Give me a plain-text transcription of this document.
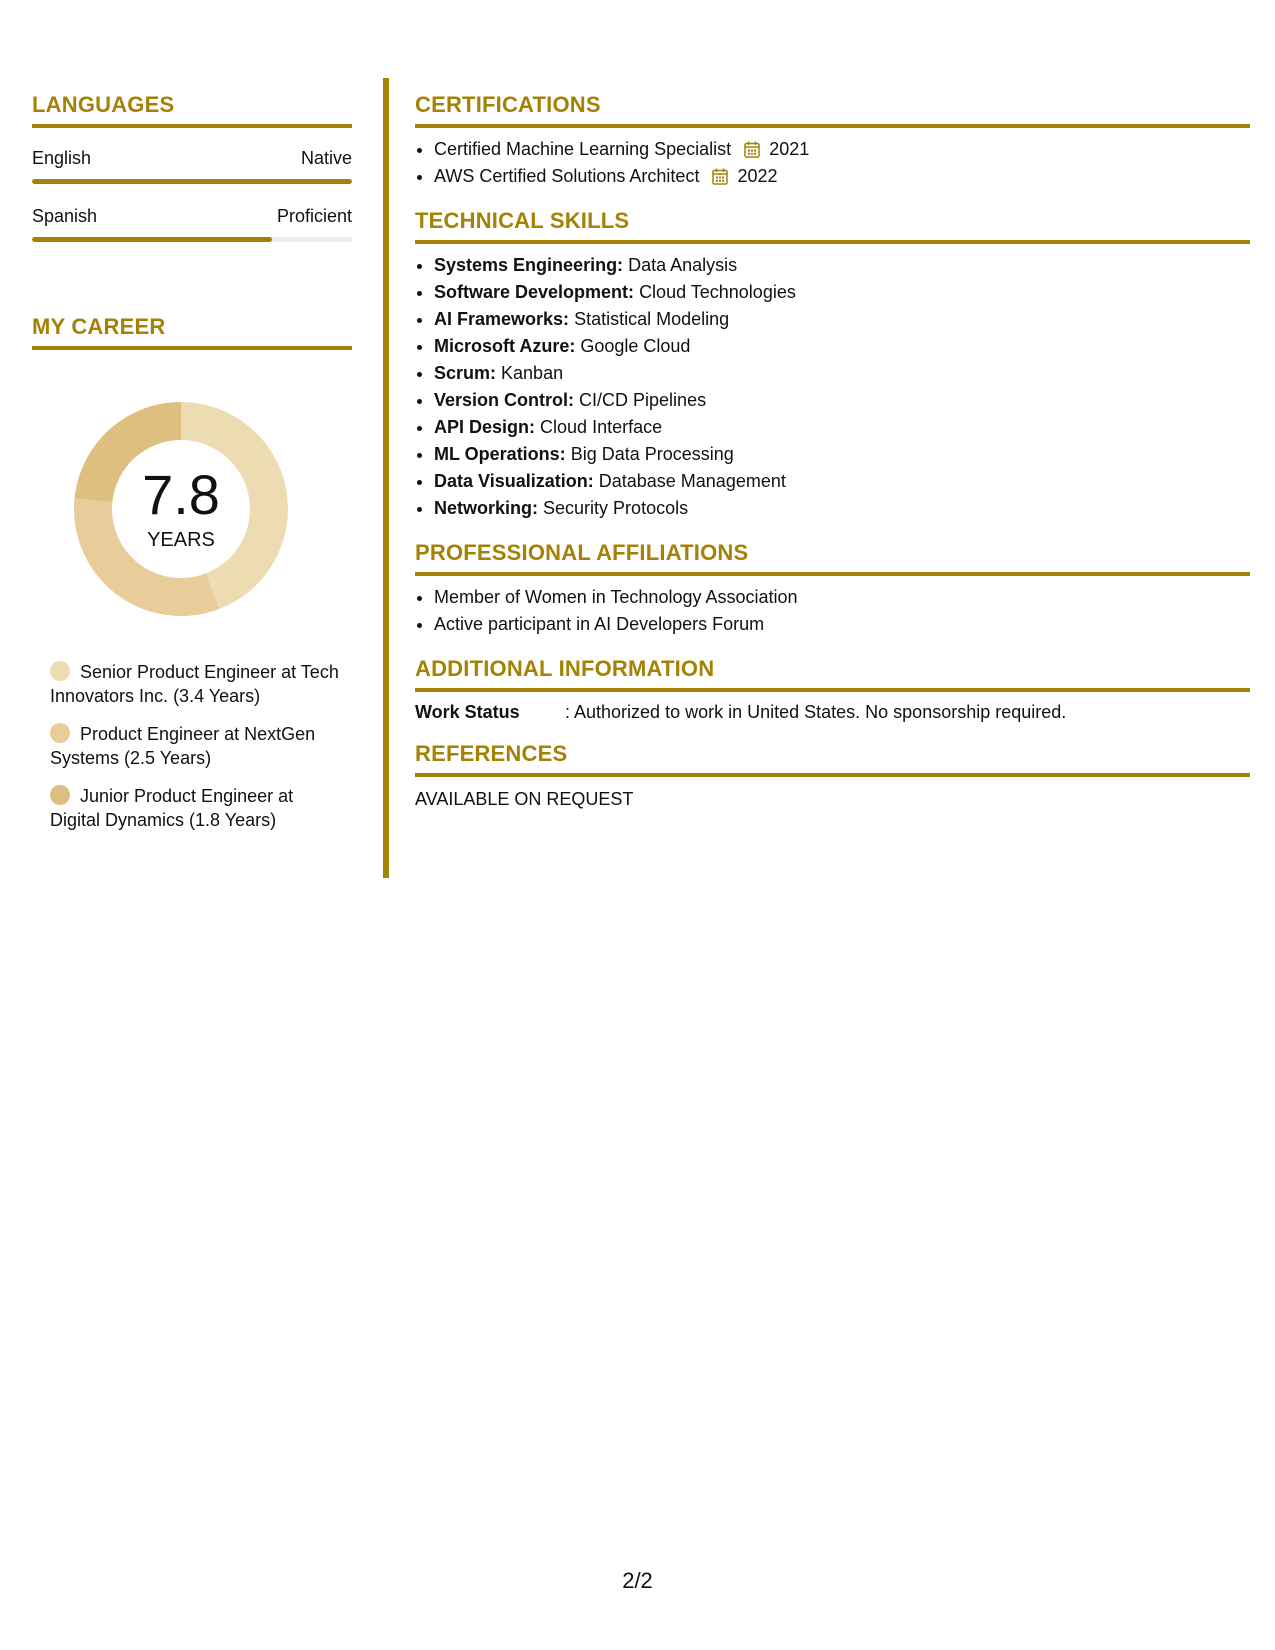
LANGUAGES
English	Native
Spanish	Proficient
MY CAREER
7.8
YEARS
Senior Product Engineer at Tech Innovators Inc. (3.4 Years)
Product Engineer at NextGen Systems (2.5 Years)
Junior Product Engineer at Digital Dynamics (1.8 Years)
CERTIFICATIONS
• Certified Machine Learning Specialist 2021
• AWS Certified Solutions Architect 2022
TECHNICAL SKILLS
• Systems Engineering: Data Analysis
• Software Development: Cloud Technologies
• AI Frameworks: Statistical Modeling
• Microsoft Azure: Google Cloud
• Scrum: Kanban
• Version Control: CI/CD Pipelines
• API Design: Cloud Interface
• ML Operations: Big Data Processing
• Data Visualization: Database Management
• Networking: Security Protocols
PROFESSIONAL AFFILIATIONS
• Member of Women in Technology Association
• Active participant in AI Developers Forum
ADDITIONAL INFORMATION
Work Status	: Authorized to work in United States. No sponsorship required.
REFERENCES
AVAILABLE ON REQUEST
2/2
